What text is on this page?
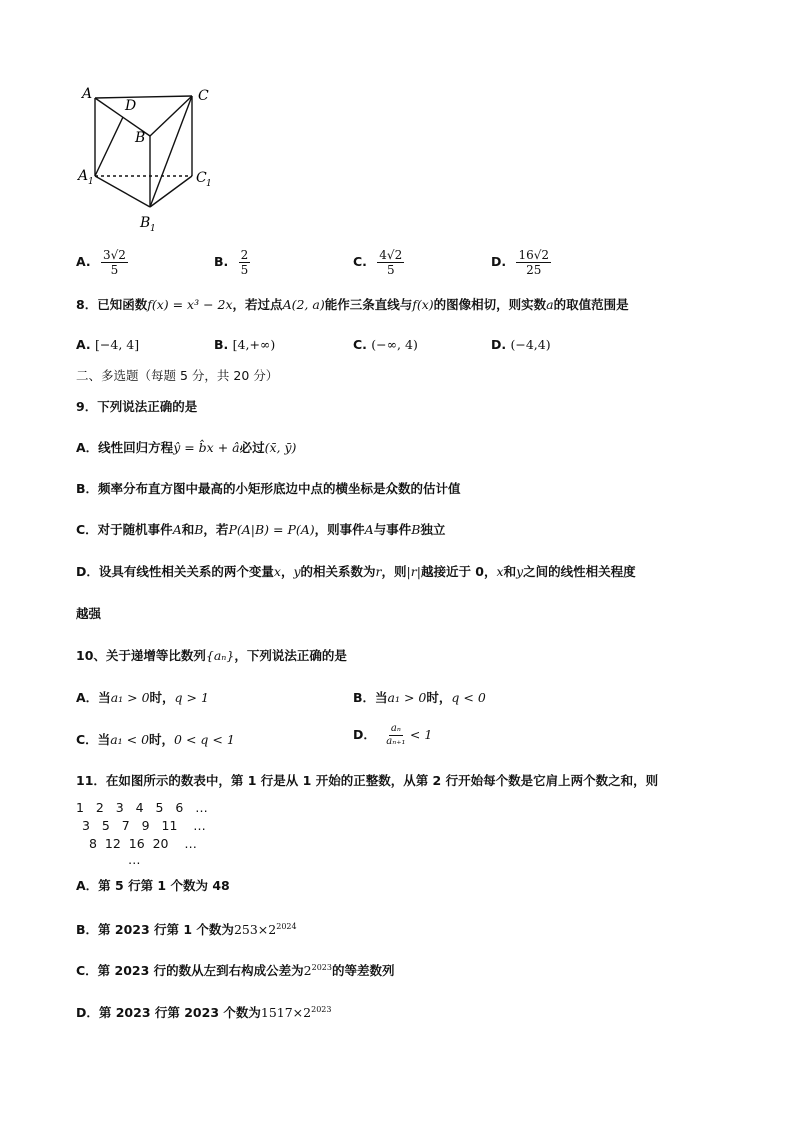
A
D
B
C
A 1	C 1
B 1
A. $\frac{3√2}{5}$	B. $\frac{2}{5}$	C. $\frac{4√2}{5}$	D. $\frac{16√2}{25}$
8．已知函数f(x) = x³ − 2x，若过点A(2, a)能作三条直线与f(x)的图像相切，则实数a的取值范围是
A. [−4, 4]	B. [4,+∞)	C. (−∞, 4)	D. (−4,4)
二、多选题（每题 5 分，共 20 分）
9．下列说法正确的是
A．线性回归方程ŷ = b̂x + â必过(x̄, ȳ)
B．频率分布直方图中最高的小矩形底边中点的横坐标是众数的估计值
C．对于随机事件A和B，若P(A|B) = P(A)，则事件A与事件B独立
D．设具有线性相关关系的两个变量x，y的相关系数为r，则|r|越接近于 0，x和y之间的线性相关程度
越强
10、关于递增等比数列{aₙ}，下列说法正确的是
A．当a₁ > 0时，q > 1	B．当a₁ > 0时，q < 0
C．当a₁ < 0时，0 < q < 1	D． $\frac{\text{aₙ}}{\text{aₙ₊₁}} < 1$
11．在如图所示的数表中，第 1 行是从 1 开始的正整数，从第 2 行开始每个数是它肩上两个数之和，则
1   2   3   4   5   6   …
3   5   7   9   11    …
8  12  16  20    …
…
A．第 5 行第 1 个数为 48
B．第 2023 行第 1 个数为$253\times 2^{2024}$
C．第 2023 行的数从左到右构成公差为$2^{2023}$的等差数列
D．第 2023 行第 2023 个数为$1517\times 2^{2023}$
